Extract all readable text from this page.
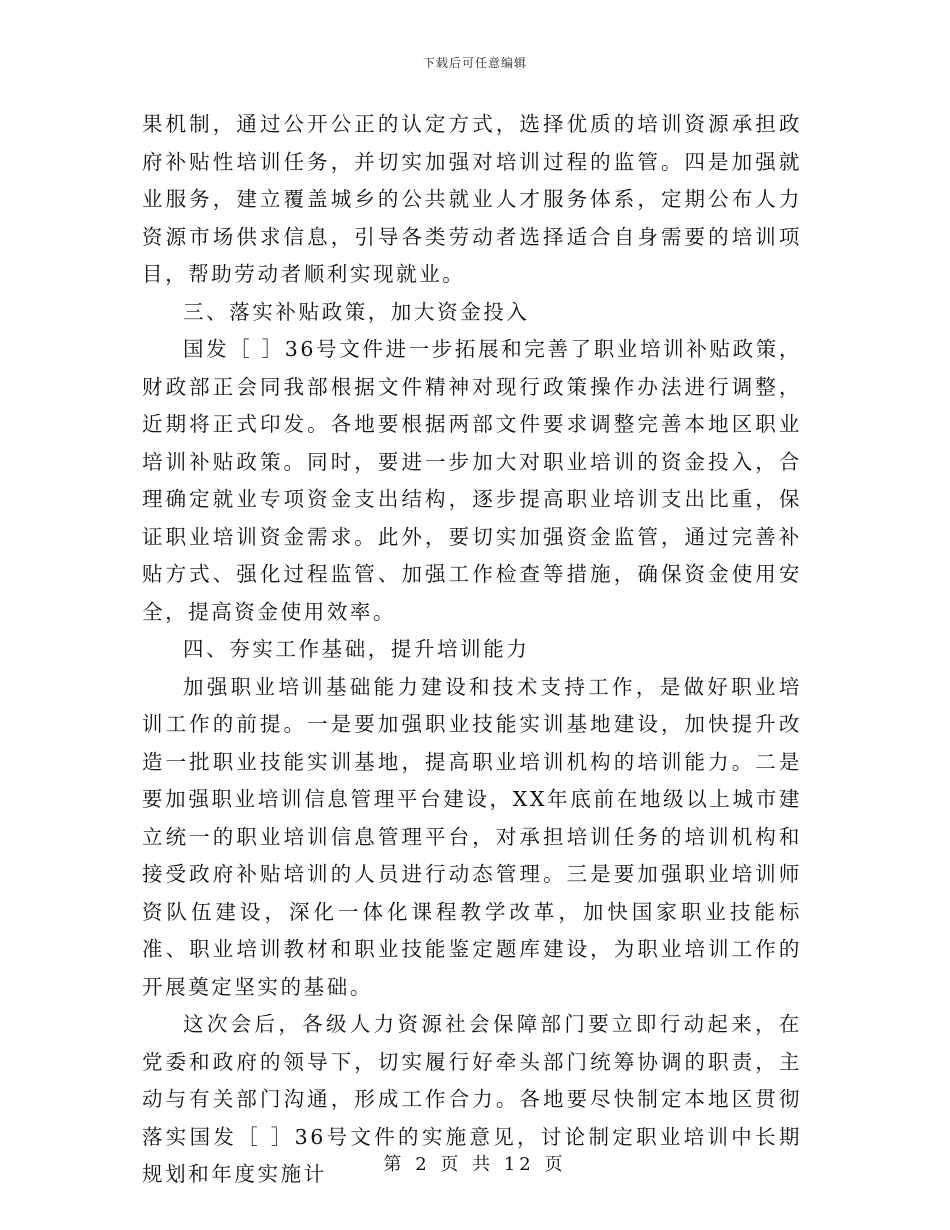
下载后可任意编辑

果机制，通过公开公正的认定方式，选择优质的培训资源承担政府补贴性培训任务，并切实加强对培训过程的监管。四是加强就业服务，建立覆盖城乡的公共就业人才服务体系，定期公布人力资源市场供求信息，引导各类劳动者选择适合自身需要的培训项目，帮助劳动者顺利实现就业。

三、落实补贴政策，加大资金投入

国发［ ］36号文件进一步拓展和完善了职业培训补贴政策，财政部正会同我部根据文件精神对现行政策操作办法进行调整，近期将正式印发。各地要根据两部文件要求调整完善本地区职业培训补贴政策。同时，要进一步加大对职业培训的资金投入，合理确定就业专项资金支出结构，逐步提高职业培训支出比重，保证职业培训资金需求。此外，要切实加强资金监管，通过完善补贴方式、强化过程监管、加强工作检查等措施，确保资金使用安全，提高资金使用效率。

四、夯实工作基础，提升培训能力

加强职业培训基础能力建设和技术支持工作，是做好职业培训工作的前提。一是要加强职业技能实训基地建设，加快提升改造一批职业技能实训基地，提高职业培训机构的培训能力。二是要加强职业培训信息管理平台建设，XX年底前在地级以上城市建立统一的职业培训信息管理平台，对承担培训任务的培训机构和接受政府补贴培训的人员进行动态管理。三是要加强职业培训师资队伍建设，深化一体化课程教学改革，加快国家职业技能标准、职业培训教材和职业技能鉴定题库建设，为职业培训工作的开展奠定坚实的基础。

这次会后，各级人力资源社会保障部门要立即行动起来，在党委和政府的领导下，切实履行好牵头部门统筹协调的职责，主动与有关部门沟通，形成工作合力。各地要尽快制定本地区贯彻落实国发［ ］36号文件的实施意见，讨论制定职业培训中长期规划和年度实施计	第 2 页 共 12 页
